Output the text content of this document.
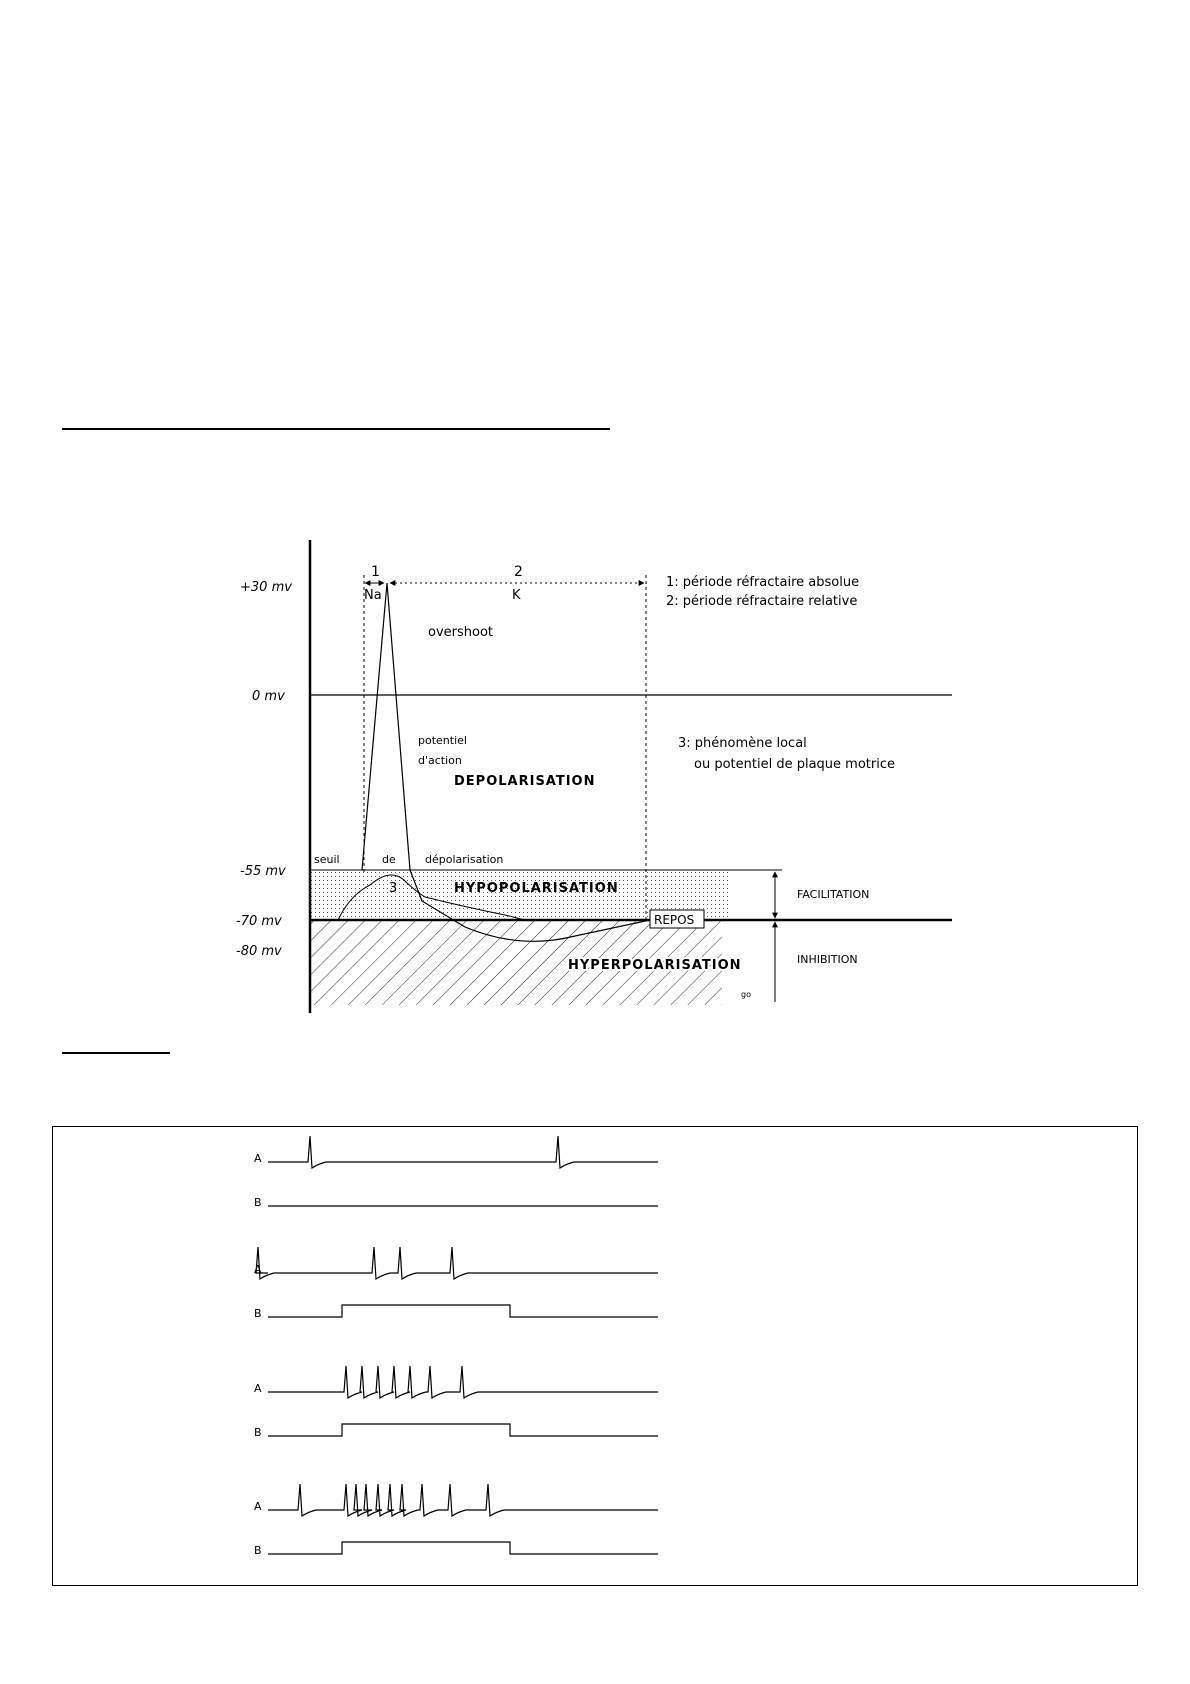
+30 mv
0 mv
-55 mv
-70 mv
-80 mv
1	2
Na	K
overshoot
potentiel
d'action
DEPOLARISATION
seuil	de	dépolarisation
3	HYPOPOLARISATION
HYPERPOLARISATION
REPOS
1: période réfractaire absolue
2: période réfractaire relative
3: phénomène local
ou potentiel de plaque motrice
FACILITATION
INHIBITION
go
A
B
A
B
A
B
A
B
